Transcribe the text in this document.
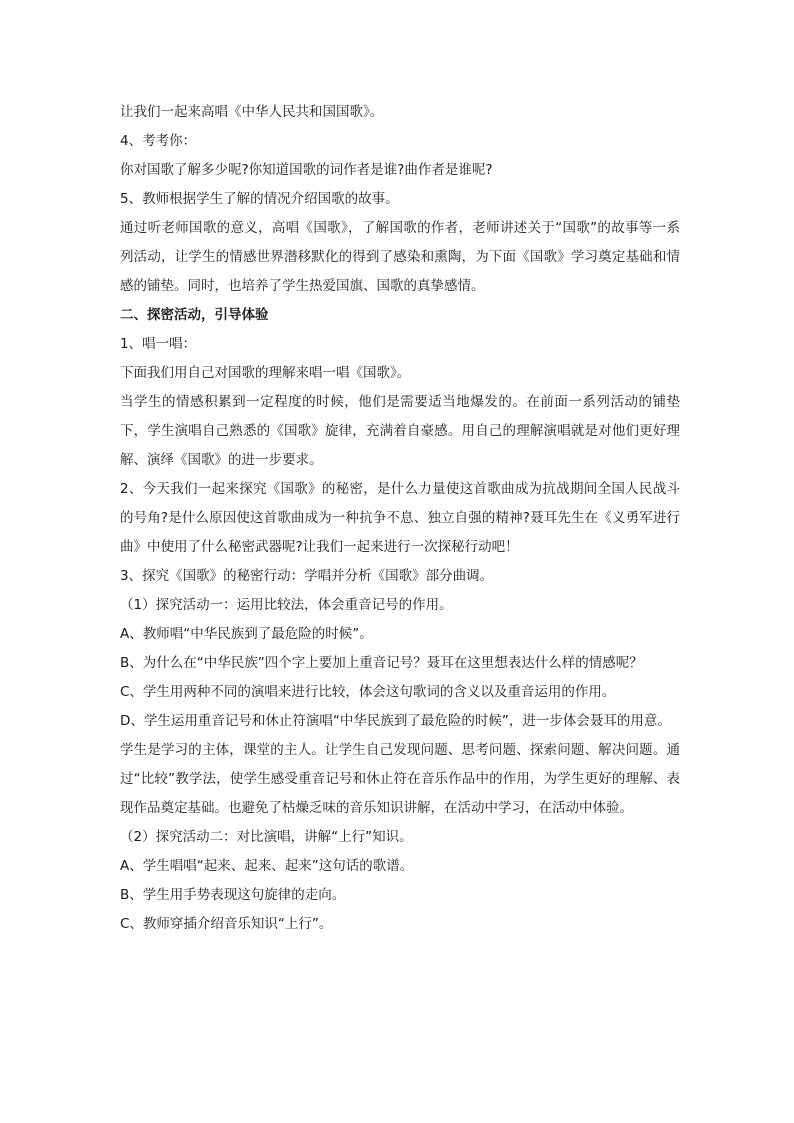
让我们一起来高唱《中华人民共和国国歌》。

4、考考你：

你对国歌了解多少呢?你知道国歌的词作者是谁?曲作者是谁呢?

5、教师根据学生了解的情况介绍国歌的故事。

通过听老师国歌的意义，高唱《国歌》，了解国歌的作者，老师讲述关于“国歌”的故事等一系列活动，让学生的情感世界潜移默化的得到了感染和熏陶，为下面《国歌》学习奠定基础和情感的铺垫。同时，也培养了学生热爱国旗、国歌的真挚感情。

二、探密活动，引导体验

1、唱一唱：

下面我们用自己对国歌的理解来唱一唱《国歌》。

当学生的情感积累到一定程度的时候，他们是需要适当地爆发的。在前面一系列活动的铺垫下，学生演唱自己熟悉的《国歌》旋律，充满着自豪感。用自己的理解演唱就是对他们更好理解、演绎《国歌》的进一步要求。

2、今天我们一起来探究《国歌》的秘密，是什么力量使这首歌曲成为抗战期间全国人民战斗的号角?是什么原因使这首歌曲成为一种抗争不息、独立自强的精神?聂耳先生在《义勇军进行曲》中使用了什么秘密武器呢?让我们一起来进行一次探秘行动吧！

3、探究《国歌》的秘密行动：学唱并分析《国歌》部分曲调。

（1）探究活动一：运用比较法，体会重音记号的作用。

A、教师唱“中华民族到了最危险的时候”。

B、为什么在“中华民族”四个字上要加上重音记号？聂耳在这里想表达什么样的情感呢？

C、学生用两种不同的演唱来进行比较，体会这句歌词的含义以及重音运用的作用。

D、学生运用重音记号和休止符演唱“中华民族到了最危险的时候”，进一步体会聂耳的用意。

学生是学习的主体，课堂的主人。让学生自己发现问题、思考问题、探索问题、解决问题。通过“比较”教学法，使学生感受重音记号和休止符在音乐作品中的作用，为学生更好的理解、表现作品奠定基础。也避免了枯燥乏味的音乐知识讲解，在活动中学习，在活动中体验。

（2）探究活动二：对比演唱，讲解“上行”知识。

A、学生唱唱“起来、起来、起来”这句话的歌谱。

B、学生用手势表现这句旋律的走向。

C、教师穿插介绍音乐知识“上行”。
